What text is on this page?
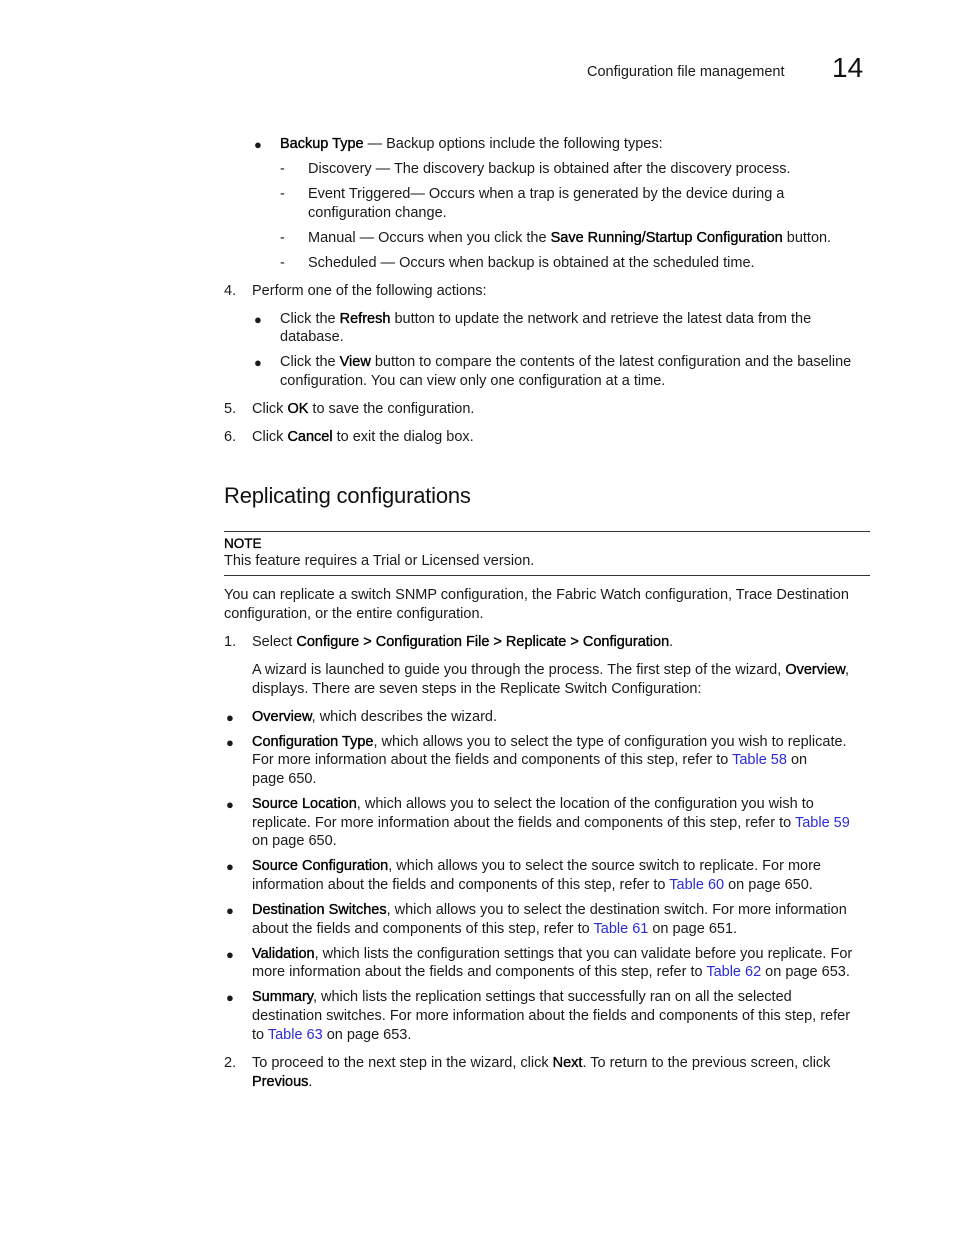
Configuration file management 14
● Backup Type — Backup options include the following types:
- Discovery — The discovery backup is obtained after the discovery process.
- Event Triggered— Occurs when a trap is generated by the device during a
configuration change.
- Manual — Occurs when you click the Save Running/Startup Configuration button.
- Scheduled — Occurs when backup is obtained at the scheduled time.
4. Perform one of the following actions:
● Click the Refresh button to update the network and retrieve the latest data from the
database.
● Click the View button to compare the contents of the latest configuration and the baseline
configuration. You can view only one configuration at a time.
5. Click OK to save the configuration.
6. Click Cancel to exit the dialog box.
Replicating configurations
NOTE
This feature requires a Trial or Licensed version.
You can replicate a switch SNMP configuration, the Fabric Watch configuration, Trace Destination
configuration, or the entire configuration.
1. Select Configure > Configuration File > Replicate > Configuration.
A wizard is launched to guide you through the process. The first step of the wizard, Overview,
displays. There are seven steps in the Replicate Switch Configuration:
● Overview, which describes the wizard.
● Configuration Type, which allows you to select the type of configuration you wish to replicate.
For more information about the fields and components of this step, refer to Table 58 on
page 650.
● Source Location, which allows you to select the location of the configuration you wish to
replicate. For more information about the fields and components of this step, refer to Table 59
on page 650.
● Source Configuration, which allows you to select the source switch to replicate. For more
information about the fields and components of this step, refer to Table 60 on page 650.
● Destination Switches, which allows you to select the destination switch. For more information
about the fields and components of this step, refer to Table 61 on page 651.
● Validation, which lists the configuration settings that you can validate before you replicate. For
more information about the fields and components of this step, refer to Table 62 on page 653.
● Summary, which lists the replication settings that successfully ran on all the selected
destination switches. For more information about the fields and components of this step, refer
to Table 63 on page 653.
2. To proceed to the next step in the wizard, click Next. To return to the previous screen, click
Previous.
